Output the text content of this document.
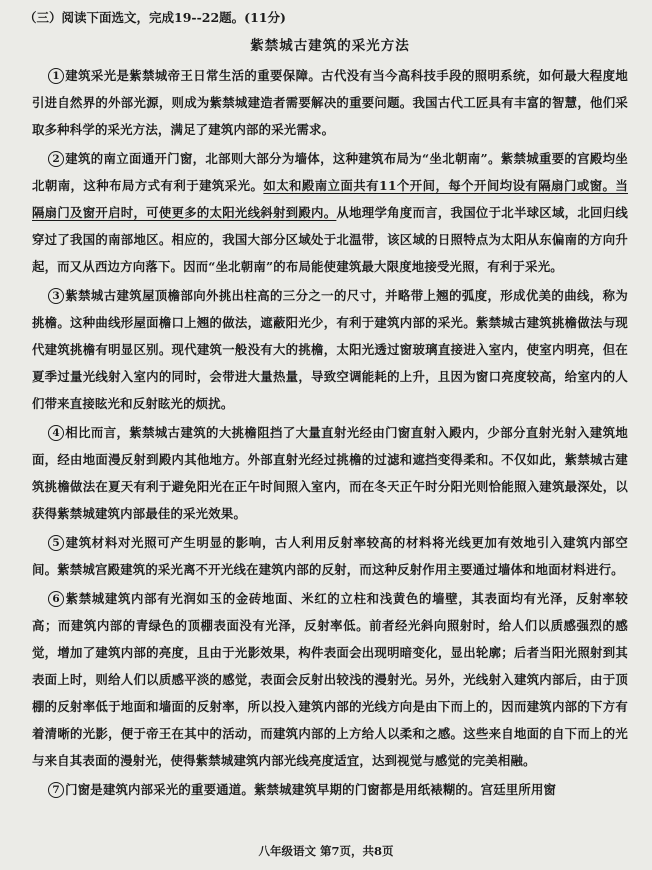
（三）阅读下面选文，完成19--22题。(11分)
紫禁城古建筑的采光方法

1 建筑采光是紫禁城帝王日常生活的重要保障。古代没有当今高科技手段的照明系统，如何最大程度地引进自然界的外部光源，则成为紫禁城建造者需要解决的重要问题。我国古代工匠具有丰富的智慧，他们采取多种科学的采光方法，满足了建筑内部的采光需求。

2 建筑的南立面通开门窗，北部则大部分为墙体，这种建筑布局为“坐北朝南”。紫禁城重要的宫殿均坐北朝南，这种布局方式有利于建筑采光。如太和殿南立面共有11个开间，每个开间均设有隔扇门或窗。当隔扇门及窗开启时，可使更多的太阳光线斜射到殿内。从地理学角度而言，我国位于北半球区域，北回归线穿过了我国的南部地区。相应的，我国大部分区域处于北温带，该区域的日照特点为太阳从东偏南的方向升起，而又从西边方向落下。因而“坐北朝南”的布局能使建筑最大限度地接受光照，有利于采光。

3 紫禁城古建筑屋顶檐部向外挑出柱高的三分之一的尺寸，并略带上翘的弧度，形成优美的曲线，称为挑檐。这种曲线形屋面檐口上翘的做法，遮蔽阳光少，有利于建筑内部的采光。紫禁城古建筑挑檐做法与现代建筑挑檐有明显区别。现代建筑一般没有大的挑檐，太阳光透过窗玻璃直接进入室内，使室内明亮，但在夏季过量光线射入室内的同时，会带进大量热量，导致空调能耗的上升，且因为窗口亮度较高，给室内的人们带来直接眩光和反射眩光的烦扰。

4 相比而言，紫禁城古建筑的大挑檐阻挡了大量直射光经由门窗直射入殿内，少部分直射光射入建筑地面，经由地面漫反射到殿内其他地方。外部直射光经过挑檐的过滤和遮挡变得柔和。不仅如此，紫禁城古建筑挑檐做法在夏天有利于避免阳光在正午时间照入室内，而在冬天正午时分阳光则恰能照入建筑最深处，以获得紫禁城建筑内部最佳的采光效果。

5 建筑材料对光照可产生明显的影响，古人利用反射率较高的材料将光线更加有效地引入建筑内部空间。紫禁城宫殿建筑的采光离不开光线在建筑内部的反射，而这种反射作用主要通过墙体和地面材料进行。

6 紫禁城建筑内部有光润如玉的金砖地面、米红的立柱和浅黄色的墙壁，其表面均有光泽，反射率较高；而建筑内部的青绿色的顶棚表面没有光泽，反射率低。前者经光斜向照射时，给人们以质感强烈的感觉，增加了建筑内部的亮度，且由于光影效果，构件表面会出现明暗变化，显出轮廓；后者当阳光照射到其表面上时，则给人们以质感平淡的感觉，表面会反射出较浅的漫射光。另外，光线射入建筑内部后，由于顶棚的反射率低于地面和墙面的反射率，所以投入建筑内部的光线方向是由下而上的，因而建筑内部的下方有着清晰的光影，便于帝王在其中的活动，而建筑内部的上方给人以柔和之感。这些来自地面的自下而上的光与来自其表面的漫射光，使得紫禁城建筑内部光线亮度适宜，达到视觉与感觉的完美相融。

7 门窗是建筑内部采光的重要通道。紫禁城建筑早期的门窗都是用纸裱糊的。宫廷里所用窗

八年级语文 第7页，共8页
